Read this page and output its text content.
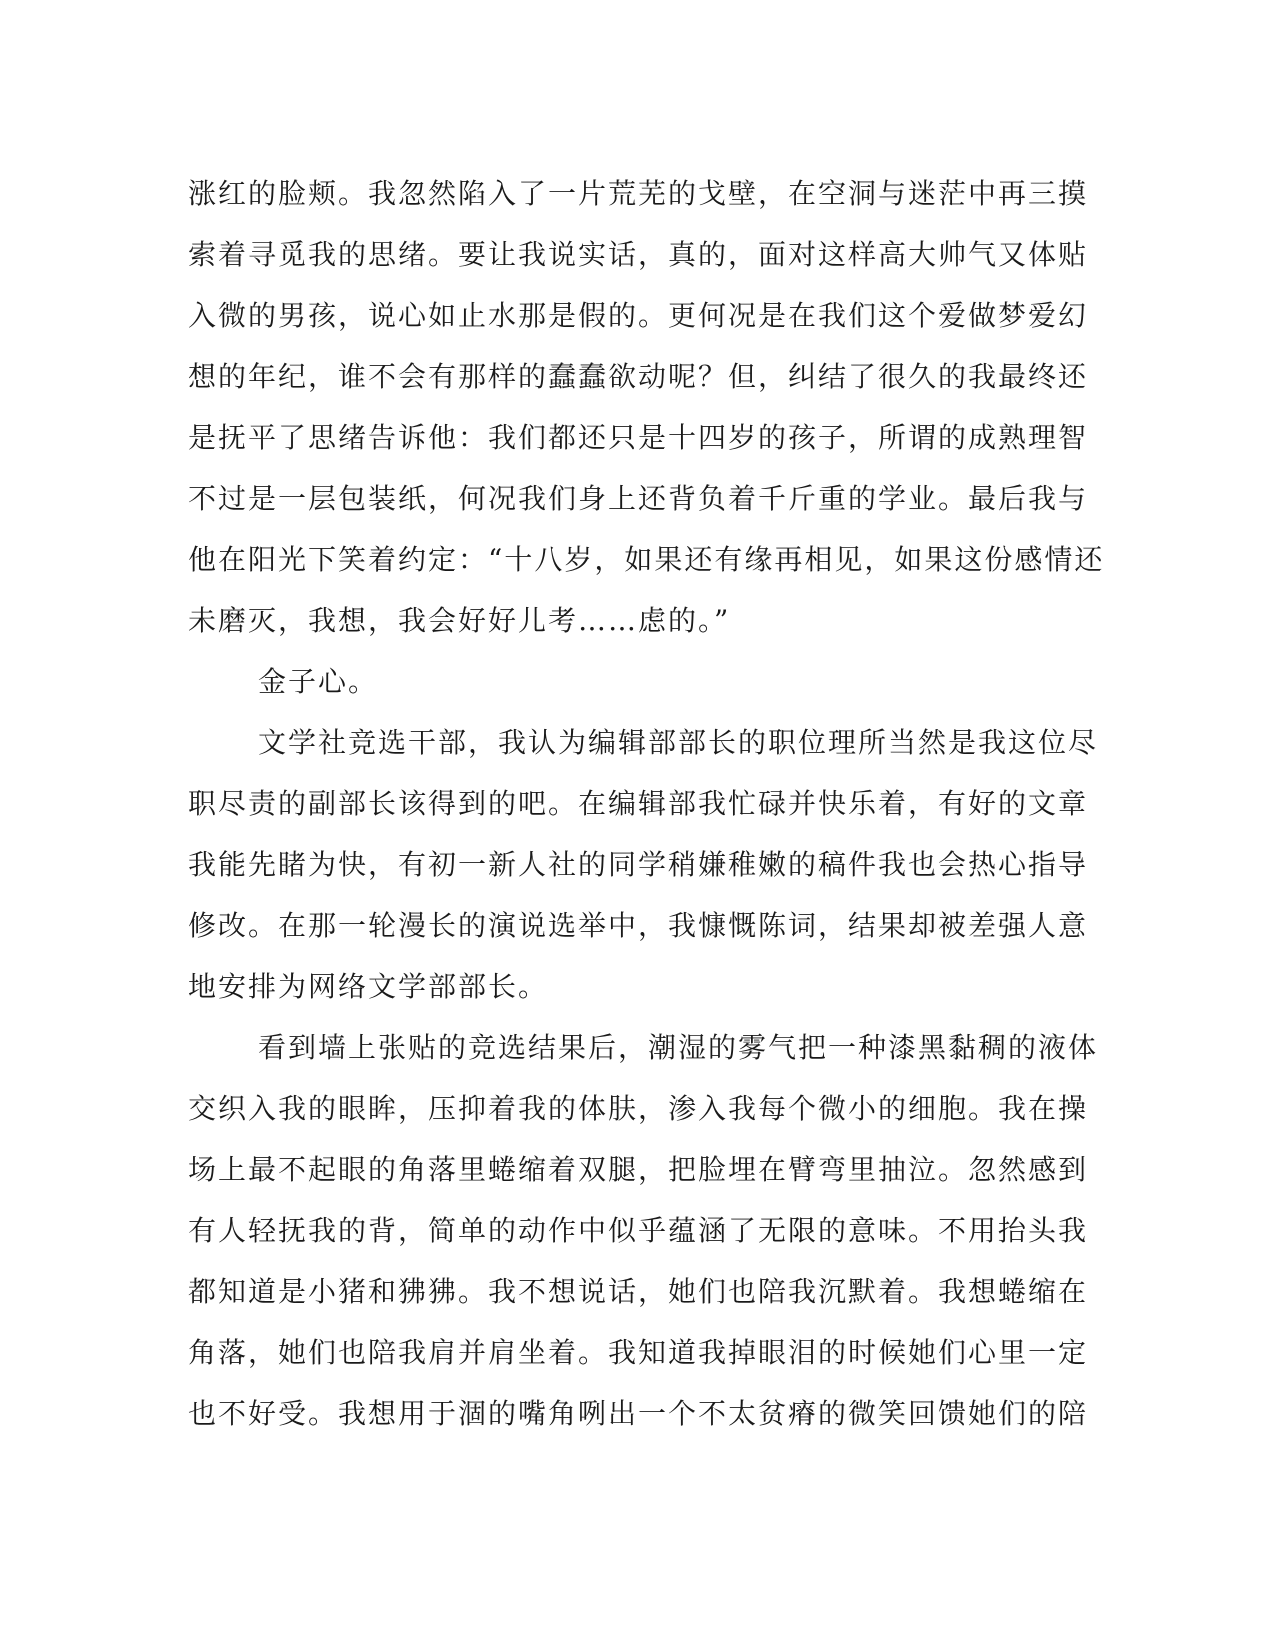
涨红的脸颊。我忽然陷入了一片荒芜的戈壁，在空洞与迷茫中再三摸
索着寻觅我的思绪。要让我说实话，真的，面对这样高大帅气又体贴
入微的男孩，说心如止水那是假的。更何况是在我们这个爱做梦爱幻
想的年纪，谁不会有那样的蠢蠢欲动呢？但，纠结了很久的我最终还
是抚平了思绪告诉他：我们都还只是十四岁的孩子，所谓的成熟理智
不过是一层包装纸，何况我们身上还背负着千斤重的学业。最后我与
他在阳光下笑着约定：“十八岁，如果还有缘再相见，如果这份感情还
未磨灭，我想，我会好好儿考……虑的。”
金子心。
文学社竞选干部，我认为编辑部部长的职位理所当然是我这位尽
职尽责的副部长该得到的吧。在编辑部我忙碌并快乐着，有好的文章
我能先睹为快，有初一新人社的同学稍嫌稚嫩的稿件我也会热心指导
修改。在那一轮漫长的演说选举中，我慷慨陈词，结果却被差强人意
地安排为网络文学部部长。
看到墙上张贴的竞选结果后，潮湿的雾气把一种漆黑黏稠的液体
交织入我的眼眸，压抑着我的体肤，渗入我每个微小的细胞。我在操
场上最不起眼的角落里蜷缩着双腿，把脸埋在臂弯里抽泣。忽然感到
有人轻抚我的背，简单的动作中似乎蕴涵了无限的意味。不用抬头我
都知道是小猪和狒狒。我不想说话，她们也陪我沉默着。我想蜷缩在
角落，她们也陪我肩并肩坐着。我知道我掉眼泪的时候她们心里一定
也不好受。我想用于涸的嘴角咧出一个不太贫瘠的微笑回馈她们的陪
